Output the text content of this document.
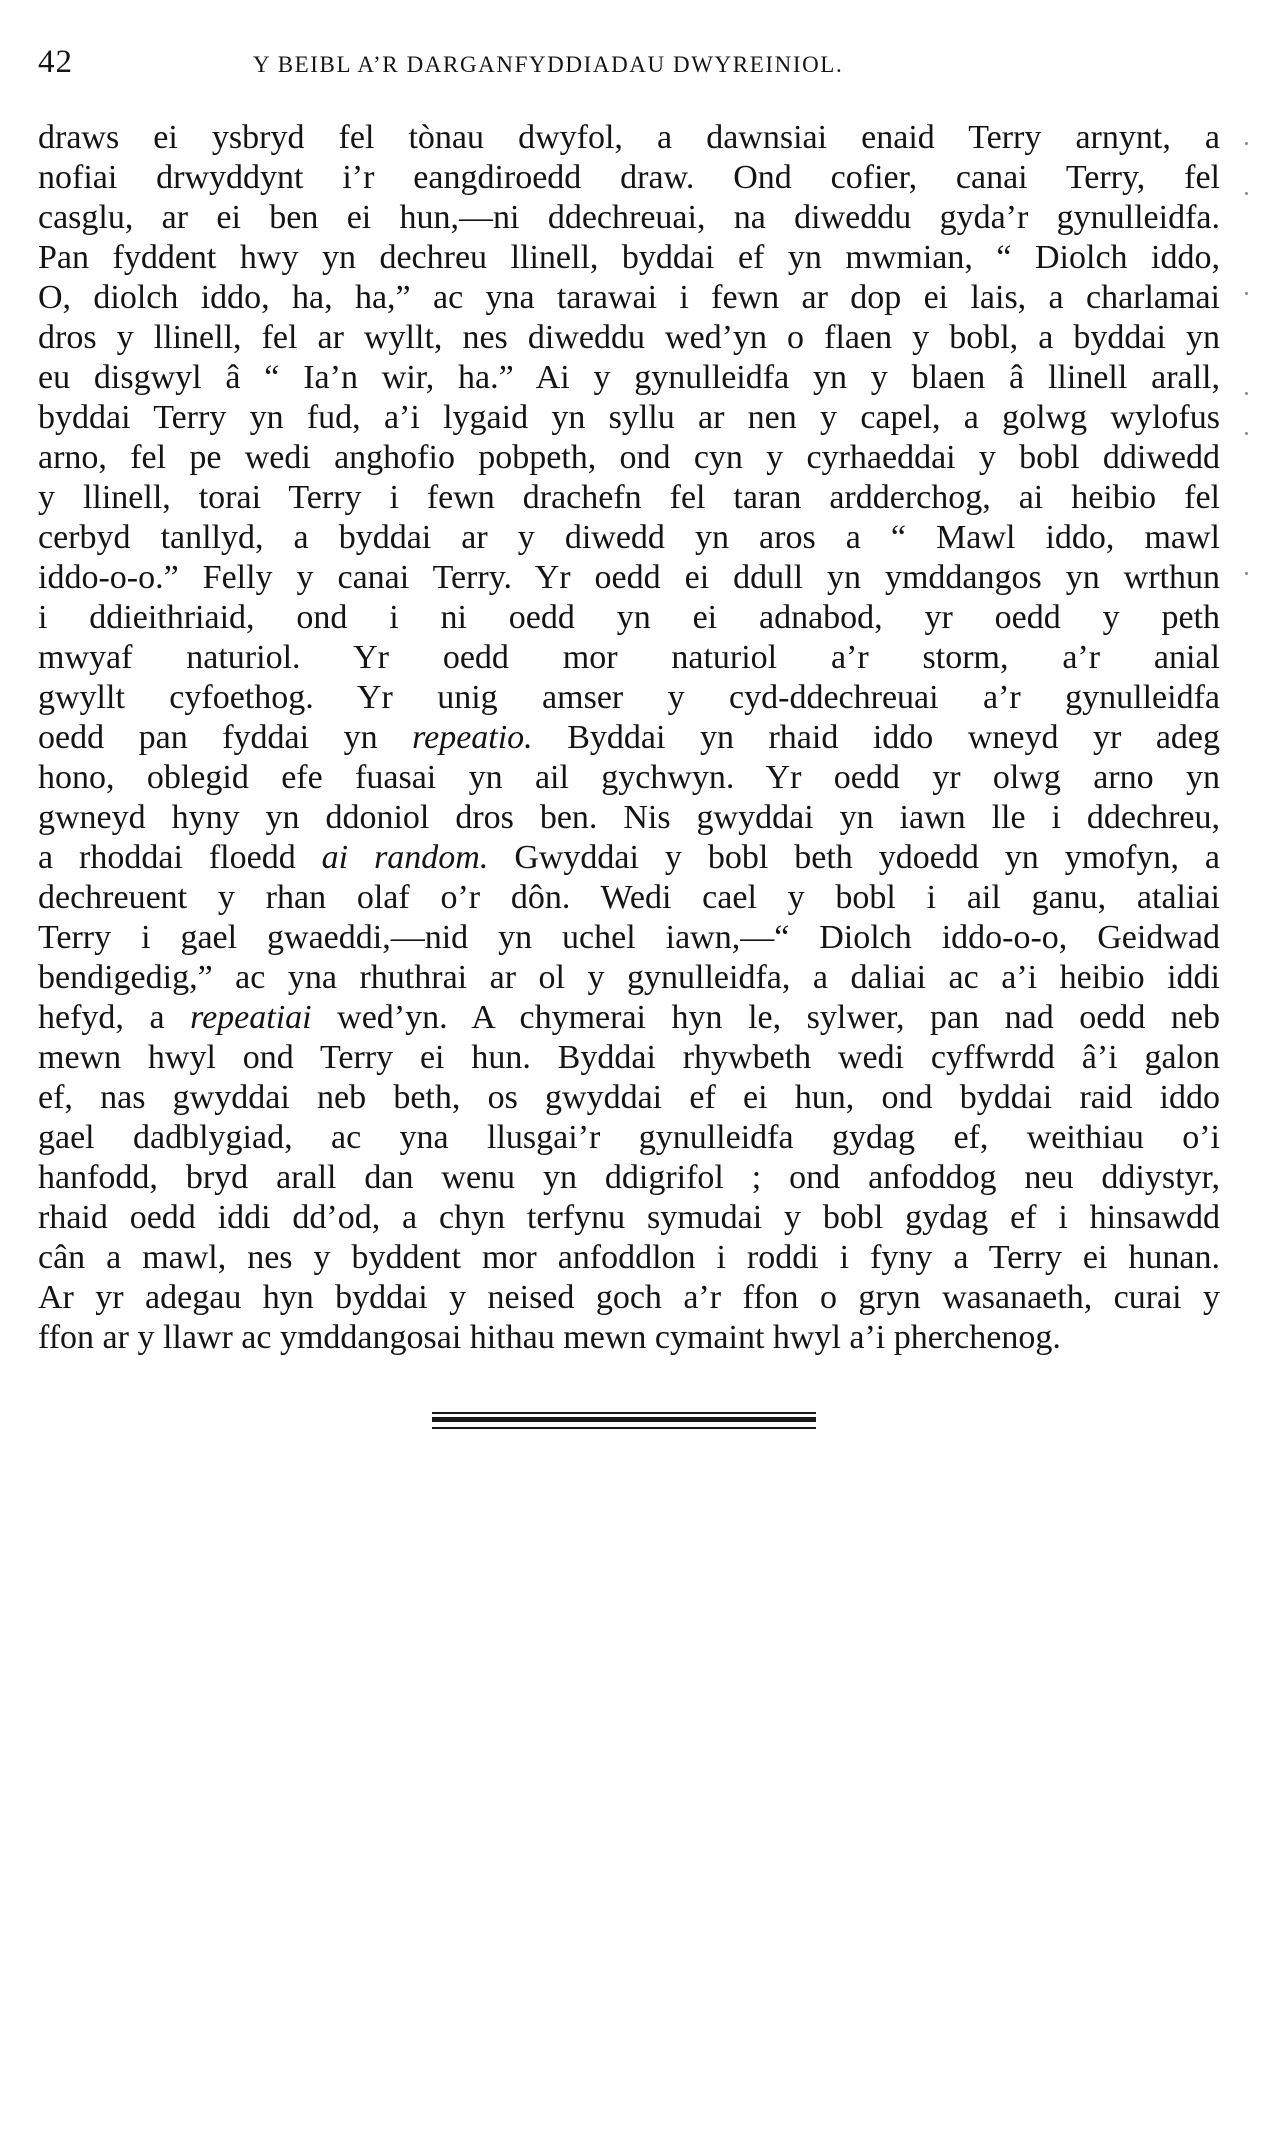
42	Y BEIBL A’R DARGANFYDDIADAU DWYREINIOL.
draws ei ysbryd fel tònau dwyfol, a dawnsiai enaid Terry arnynt, a
nofiai drwyddynt i’r eangdiroedd draw. Ond cofier, canai Terry, fel
casglu, ar ei ben ei hun,—ni ddechreuai, na diweddu gyda’r gynulleidfa.
Pan fyddent hwy yn dechreu llinell, byddai ef yn mwmian, “ Diolch iddo,
O, diolch iddo, ha, ha,” ac yna tarawai i fewn ar dop ei lais, a charlamai
dros y llinell, fel ar wyllt, nes diweddu wed’yn o flaen y bobl, a byddai yn
eu disgwyl â “ Ia’n wir, ha.” Ai y gynulleidfa yn y blaen â llinell arall,
byddai Terry yn fud, a’i lygaid yn syllu ar nen y capel, a golwg wylofus
arno, fel pe wedi anghofio pobpeth, ond cyn y cyrhaeddai y bobl ddiwedd
y llinell, torai Terry i fewn drachefn fel taran ardderchog, ai heibio fel
cerbyd tanllyd, a byddai ar y diwedd yn aros a “ Mawl iddo, mawl
iddo-o-o.” Felly y canai Terry. Yr oedd ei ddull yn ymddangos yn wrthun
i ddieithriaid, ond i ni oedd yn ei adnabod, yr oedd y peth
mwyaf naturiol. Yr oedd mor naturiol a’r storm, a’r anial
gwyllt cyfoethog. Yr unig amser y cyd-ddechreuai a’r gynulleidfa
oedd pan fyddai yn repeatio. Byddai yn rhaid iddo wneyd yr adeg
hono, oblegid efe fuasai yn ail gychwyn. Yr oedd yr olwg arno yn
gwneyd hyny yn ddoniol dros ben. Nis gwyddai yn iawn lle i ddechreu,
a rhoddai floedd ai random. Gwyddai y bobl beth ydoedd yn ymofyn, a
dechreuent y rhan olaf o’r dôn. Wedi cael y bobl i ail ganu, ataliai
Terry i gael gwaeddi,—nid yn uchel iawn,—“ Diolch iddo-o-o, Geidwad
bendigedig,” ac yna rhuthrai ar ol y gynulleidfa, a daliai ac a’i heibio iddi
hefyd, a repeatiai wed’yn. A chymerai hyn le, sylwer, pan nad oedd neb
mewn hwyl ond Terry ei hun. Byddai rhywbeth wedi cyffwrdd â’i galon
ef, nas gwyddai neb beth, os gwyddai ef ei hun, ond byddai raid iddo
gael dadblygiad, ac yna llusgai’r gynulleidfa gydag ef, weithiau o’i
hanfodd, bryd arall dan wenu yn ddigrifol ; ond anfoddog neu ddiystyr,
rhaid oedd iddi dd’od, a chyn terfynu symudai y bobl gydag ef i hinsawdd
cân a mawl, nes y byddent mor anfoddlon i roddi i fyny a Terry ei hunan.
Ar yr adegau hyn byddai y neised goch a’r ffon o gryn wasanaeth, curai y
ffon ar y llawr ac ymddangosai hithau mewn cymaint hwyl a’i pherchenog.
